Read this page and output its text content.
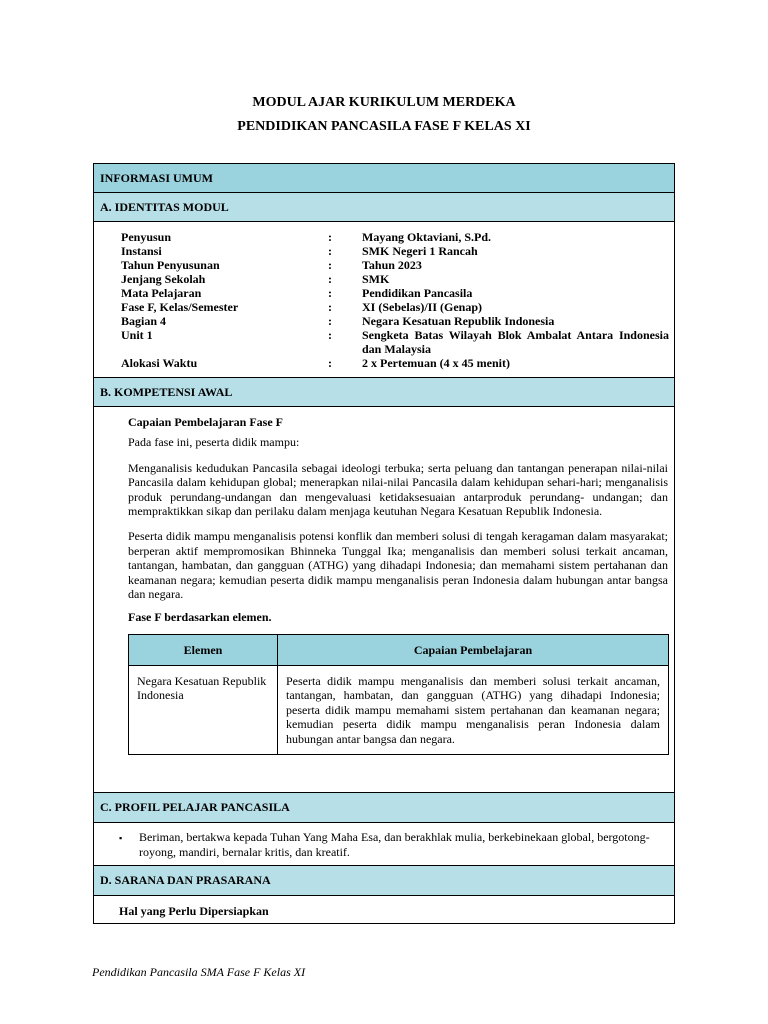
MODUL AJAR KURIKULUM MERDEKA
PENDIDIKAN PANCASILA FASE F KELAS XI
INFORMASI UMUM
A. IDENTITAS MODUL
Penyusun	:	Mayang Oktaviani, S.Pd.
Instansi	:	SMK Negeri 1 Rancah
Tahun Penyusunan	:	Tahun 2023
Jenjang Sekolah	:	SMK
Mata Pelajaran	:	Pendidikan Pancasila
Fase F, Kelas/Semester	:	XI (Sebelas)/II (Genap)
Bagian 4	:	Negara Kesatuan Republik Indonesia
Unit 1	:	Sengketa Batas Wilayah Blok Ambalat Antara Indonesia dan Malaysia
Alokasi Waktu	:	2 x Pertemuan (4 x 45 menit)
B. KOMPETENSI AWAL

Capaian Pembelajaran Fase F

Pada fase ini, peserta didik mampu:

Menganalisis kedudukan Pancasila sebagai ideologi terbuka; serta peluang dan tantangan penerapan nilai-nilai Pancasila dalam kehidupan global; menerapkan nilai-nilai Pancasila dalam kehidupan sehari-hari; menganalisis produk perundang-undangan dan mengevaluasi ketidaksesuaian antarproduk perundang- undangan; dan mempraktikkan sikap dan perilaku dalam menjaga keutuhan Negara Kesatuan Republik Indonesia.

Peserta didik mampu menganalisis potensi konflik dan memberi solusi di tengah keragaman dalam masyarakat; berperan aktif mempromosikan Bhinneka Tunggal Ika; menganalisis dan memberi solusi terkait ancaman, tantangan, hambatan, dan gangguan (ATHG) yang dihadapi Indonesia; dan memahami sistem pertahanan dan keamanan negara; kemudian peserta didik mampu menganalisis peran Indonesia dalam hubungan antar bangsa dan negara.

Fase F berdasarkan elemen.

Elemen	Capaian Pembelajaran
Negara Kesatuan Republik Indonesia	Peserta didik mampu menganalisis dan memberi solusi terkait ancaman, tantangan, hambatan, dan gangguan (ATHG) yang dihadapi Indonesia; peserta didik mampu memahami sistem pertahanan dan keamanan negara; kemudian peserta didik mampu menganalisis peran Indonesia dalam hubungan antar bangsa dan negara.
C. PROFIL PELAJAR PANCASILA
▪	Beriman, bertakwa kepada Tuhan Yang Maha Esa, dan berakhlak mulia, berkebinekaan global, bergotong-royong, mandiri, bernalar kritis, dan kreatif.
D. SARANA DAN PRASARANA
Hal yang Perlu Dipersiapkan
Pendidikan Pancasila SMA Fase F Kelas XI
